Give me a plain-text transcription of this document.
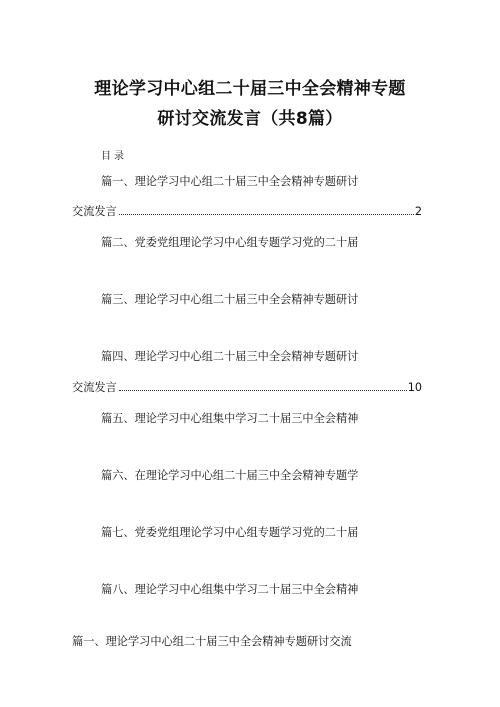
理论学习中心组二十届三中全会精神专题
研讨交流发言（共8篇）
目录
篇一、理论学习中心组二十届三中全会精神专题研讨
交流发言	2
篇二、党委党组理论学习中心组专题学习党的二十届
篇三、理论学习中心组二十届三中全会精神专题研讨
篇四、理论学习中心组二十届三中全会精神专题研讨
交流发言	10
篇五、理论学习中心组集中学习二十届三中全会精神
篇六、在理论学习中心组二十届三中全会精神专题学
篇七、党委党组理论学习中心组专题学习党的二十届
篇八、理论学习中心组集中学习二十届三中全会精神
篇一、理论学习中心组二十届三中全会精神专题研讨交流
